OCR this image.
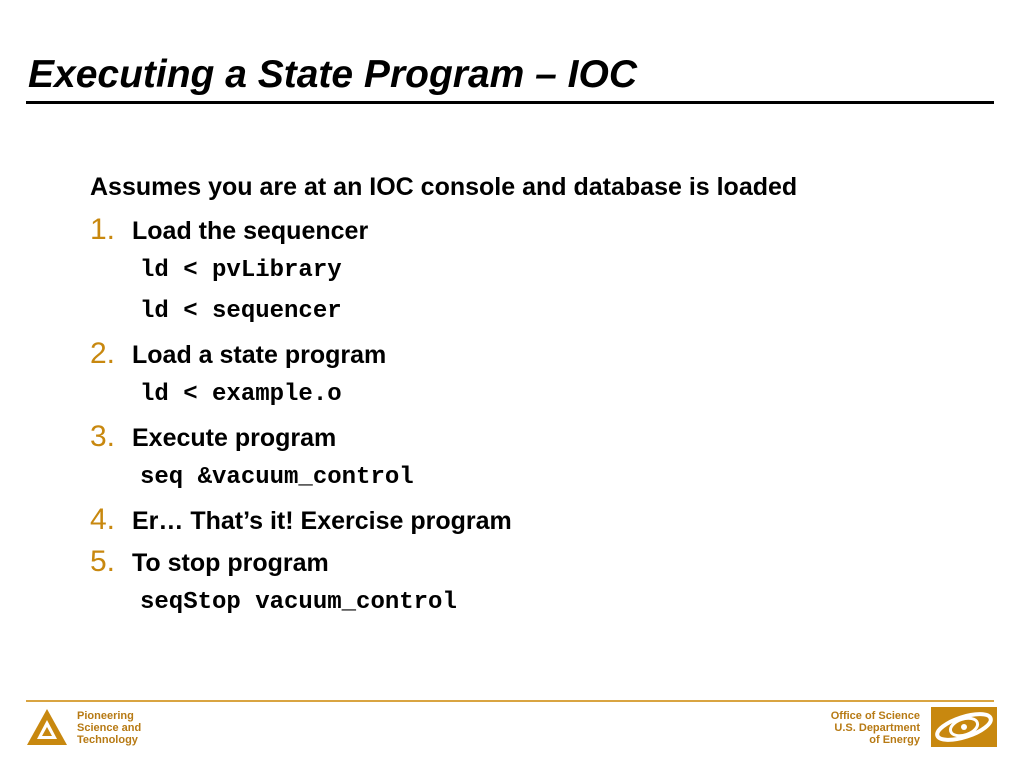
Executing a State Program – IOC

Assumes you are at an IOC console and database is loaded

1. Load the sequencer
ld < pvLibrary
ld < sequencer
2. Load a state program
ld < example.o
3. Execute program
seq &vacuum_control
4. Er… That’s it! Exercise program
5. To stop program
seqStop vacuum_control
Pioneering
Science and
Technology
Office of Science
U.S. Department
of Energy
